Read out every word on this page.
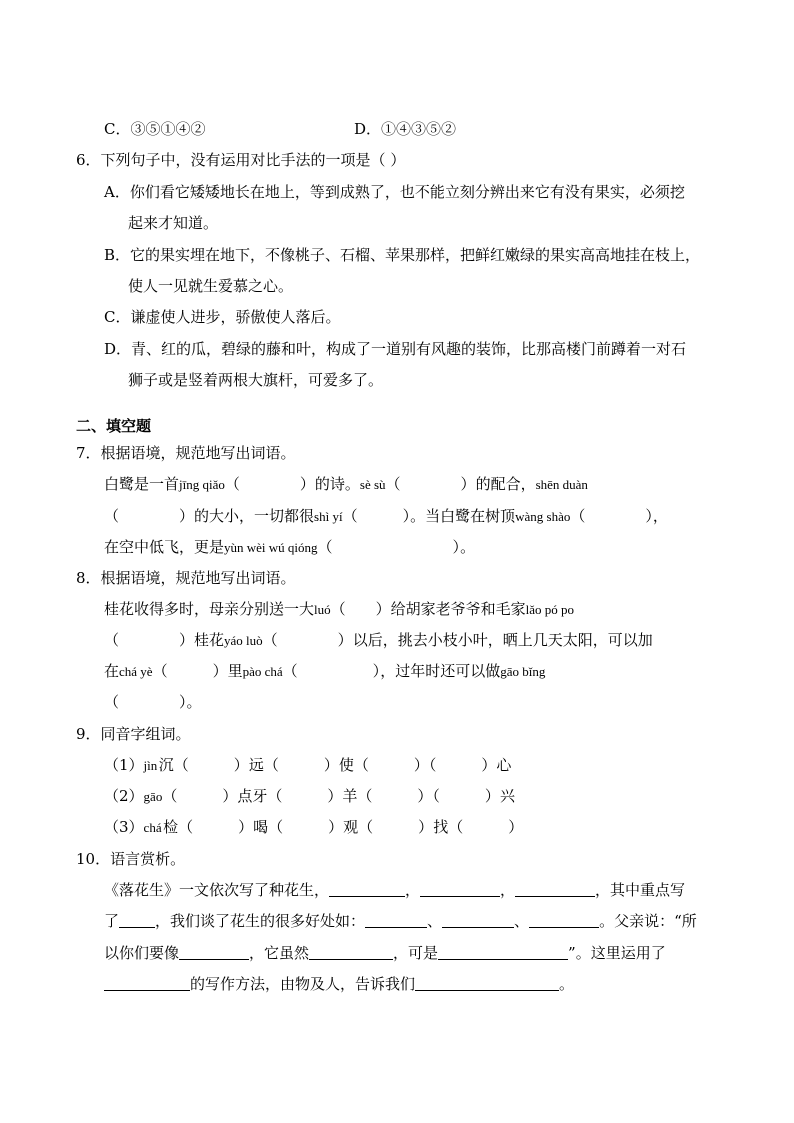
C．③⑤①④②	D．①④③⑤②
6．下列句子中，没有运用对比手法的一项是（ ）
A．你们看它矮矮地长在地上，等到成熟了，也不能立刻分辨出来它有没有果实，必须挖
起来才知道。
B．它的果实埋在地下，不像桃子、石榴、苹果那样，把鲜红嫩绿的果实高高地挂在枝上，
使人一见就生爱慕之心。
C．谦虚使人进步，骄傲使人落后。
D．青、红的瓜，碧绿的藤和叶，构成了一道别有风趣的装饰，比那高楼门前蹲着一对石
狮子或是竖着两根大旗杆，可爱多了。
二、填空题
7．根据语境，规范地写出词语。
白鹭是一首jīng qiǎo（　　　　）的诗。sè sù（　　　　）的配合，shēn duàn
（　　　　）的大小，一切都很shì yí（　　　）。当白鹭在树顶wàng shào（　　　　），
在空中低飞，更是yùn wèi wú qióng（　　　　　　　　）。
8．根据语境，规范地写出词语。
桂花收得多时，母亲分别送一大luó（　　）给胡家老爷爷和毛家lǎo pó po
（　　　　）桂花yáo luò（　　　　）以后，挑去小枝小叶，晒上几天太阳，可以加
在chá yè（　　　）里pào chá（　　　　　），过年时还可以做gāo bǐng
（　　　　）。
9．同音字组词。
（1）jìn  沉（　　　）远（　　　）使（　　　）（　　　）心
（2）gāo（　　　）点牙（　　　）羊（　　　）（　　　）兴
（3）chá  检（　　　）喝（　　　）观（　　　）找（　　　）
10．语言赏析。
《落花生》一文依次写了种花生，	，	，	，其中重点写
了 ，我们谈了花生的很多好处如：	、	、	。父亲说：“所
以你们要像	，它虽然	，可是	”。这里运用了
的写作方法，由物及人，告诉我们	。
